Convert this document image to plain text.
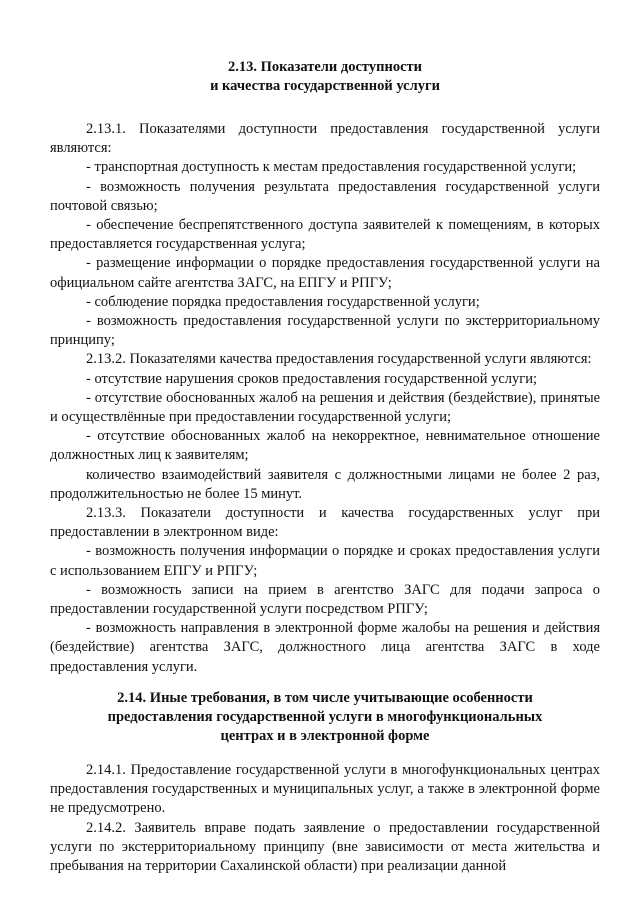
2.13. Показатели доступности
и качества государственной услуги

2.13.1. Показателями доступности предоставления государственной услуги являются:

- транспортная доступность к местам предоставления государственной услуги;

- возможность получения результата предоставления государственной услуги почтовой связью;

- обеспечение беспрепятственного доступа заявителей к помещениям, в которых предоставляется государственная услуга;

- размещение информации о порядке предоставления государственной услуги на официальном сайте агентства ЗАГС, на ЕПГУ и РПГУ;

- соблюдение порядка предоставления государственной услуги;

- возможность предоставления государственной услуги по экстерриториальному принципу;

2.13.2. Показателями качества предоставления государственной услуги являются:

- отсутствие нарушения сроков предоставления государственной услуги;

- отсутствие обоснованных жалоб на решения и действия (бездействие), принятые и осуществлённые при предоставлении государственной услуги;

- отсутствие обоснованных жалоб на некорректное, невнимательное отношение должностных лиц к заявителям;

количество взаимодействий заявителя с должностными лицами не более 2 раз, продолжительностью не более 15 минут.

2.13.3. Показатели доступности и качества государственных услуг при предоставлении в электронном виде:

- возможность получения информации о порядке и сроках предоставления услуги с использованием ЕПГУ и РПГУ;

- возможность записи на прием в агентство ЗАГС для подачи запроса о предоставлении государственной услуги посредством РПГУ;

- возможность направления в электронной форме жалобы на решения и действия (бездействие) агентства ЗАГС, должностного лица агентства ЗАГС в ходе предоставления услуги.

2.14. Иные требования, в том числе учитывающие особенности
предоставления государственной услуги в многофункциональных
центрах и в электронной форме

2.14.1. Предоставление государственной услуги в многофункциональных центрах предоставления государственных и муниципальных услуг, а также в электронной форме не предусмотрено.

2.14.2. Заявитель вправе подать заявление о предоставлении государственной услуги по экстерриториальному принципу (вне зависимости от места жительства и пребывания на территории Сахалинской области) при реализации данной
